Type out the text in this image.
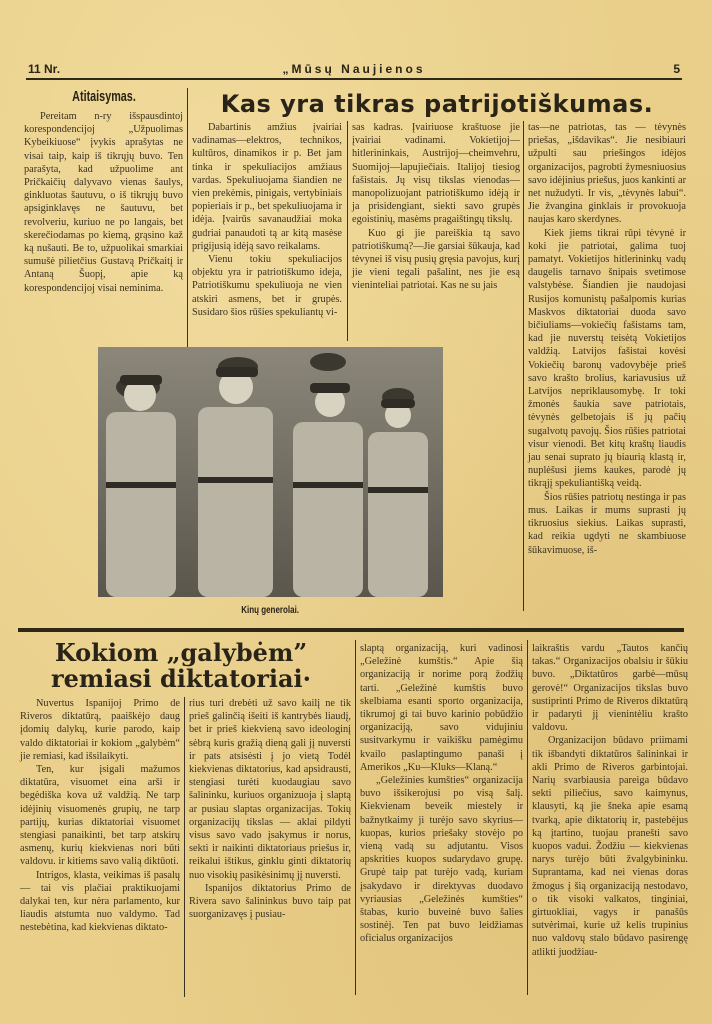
11 Nr.	„Mūsų Naujienos	5
Atitaisymas.

Pereitam n-ry išspausdintoj korespondencijoj „Užpuolimas Kybeikiuose“ įvykis aprašytas ne visai taip, kaip iš tikrųjų buvo. Ten parašyta, kad užpuolime ant Pričkaičių dalyvavo vienas šaulys, ginkluotas šautuvu, o iš tikrųjų buvo apsiginklavęs ne šautuvu, bet revolveriu, kuriuo ne po langais, bet skerečiodamas po kiemą, grąsino kaž ką nušauti. Be to, užpuolikai smarkiai sumušė pilietčius Gustavą Pričkaitį ir Antaną Šuopį, apie ką korespondencijoj visai neminima.

Kas yra tikras patrijotiškumas.

Dabartinis amžius įvairiai vadinamas—elektros, technikos, kultūros, dinamikos ir p. Bet jam tinka ir spekuliacijos amžiaus vardas. Spekuliuojama šiandien ne vien prekėmis, pinigais, vertybiniais popieriais ir p., bet spekuliuojama ir idėja. Įvairūs savanaudžiai moka gudriai panaudoti tą ar kitą masėse prigijusią idėją savo reikalams.

Vienu tokiu spekuliacijos objektu yra ir patriotiškumo ideja, Patriotiškumu spekuliuoja ne vien atskiri asmens, bet ir grupės. Susidaro šios rūšies spekuliantų vi-

sas kadras. Įvairiuose kraštuose jie įvairiai vadinami. Vokietijoj—hitlerininkais, Austrijoj—cheimvehru, Suomijoj—lapujiečiais. Italijoj tiesiog fašistais. Jų visų tikslas vienodas—manopolizuojant patriotiškumo idėją ir ja prisidengiant, siekti savo grupės egoistinių, masėms pragaištingų tikslų.

Kuo gi jie pareiškia tą savo patriotiškumą?—Jie garsiai šūkauja, kad tėvynei iš visų pusių gręsia pavojus, kurį jie vieni tegali pašalint, nes jie esą vieninteliai patriotai. Kas ne su jais

tas—ne patriotas, tas — tėvynės priešas, „išdavikas“. Jie nesibiauri užpulti sau priešingos idėjos organizacijos, pagrobti žymesniuosius savo idėjinius priešus, juos kankinti ar net nužudyti. Ir vis, „tėvynės labui“. Jie žvanginа ginklais ir provokuoja naujas karo skerdynes.

Kiek jiems tikrai rūpi tėvynė ir koki jie patriotai, galima tuoj pamatyt. Vokietijos hitlerininkų vadų daugelis tarnavo šnipais svetimose valstybėse. Šiandien jie naudojasi Rusijos komunistų pašalpomis kurias Maskvos diktatoriai duoda savo bičiuliams—vokiečių fašistams tam, kad jie nuverstų teisėtą Vokietijos valdžią. Latvijos fašistai kovėsi Vokiečių baronų vadovybėje prieš savo krašto brolius, kariavusius už Latvijos nepriklausomybę. Ir toki žmonės šaukia save patriotais, tėvynės gelbetojais iš jų pačių sugalvotų pavojų. Šios rūšies patriotai visur vienodi. Bet kitų kraštų liaudis jau senai suprato jų biaurią klastą ir, nuplėšusi jiems kaukes, parodė jų tikrąjį spekuliantišką veidą.

Šios rūšies patriotų nestinga ir pas mus. Laikas ir mums suprasti jų tikruosius siekius. Laikas suprasti, kad reikia ugdyti ne skambiuose šūkavimuose, iš-

Kinų generolai.
Kokiom „galybėm” remiasi diktatoriai·

Nuvertus Ispanijoj Primo de Riveros diktatūrą, paaiškėjo daug įdomių dalykų, kurie parodo, kaip valdo diktatoriai ir kokiom „galybėm“ jie remiasi, kad išsilaikyti.

Ten, kur įsigali mažumos diktatūra, visuomet eina arši ir begėdiška kova už valdžią. Ne tarp idėjinių visuomenės grupių, ne tarp partijų, kurias diktatoriai visuomet stengiasi panaikinti, bet tarp atskirų asmenų, kurių kiekvienas nori būti valdovu. ir kitiems savo valią diktūoti.

Intrigos, klasta, veikimas iš pasalų — tai vis plačiai praktikuojami dalykai ten, kur nėra parlamento, kur liaudis atstumta nuo valdymo. Tad nestebėtina, kad kiekvienas diktato-

rius turi drebėti už savo kailį ne tik prieš galinčią išeiti iš kantrybės liaudį, bet ir prieš kiekvieną savo ideologinį sėbrą kuris gražią dieną gali jį nuversti ir pats atsisėsti į jo vietą Todėl kiekvienas diktatorius, kad apsidrausti, stengiasi turėti kuodaugiau savo šalininku, kuriuos organizuoja į slaptą ar pusiau slaptas organizacijas. Tokių organizacijų tikslas — aklai pildyti visus savo vado įsakymus ir norus, sekti ir naikinti diktatoriaus priešus ir, reikalui ištikus, ginklu ginti diktatorių nuo visokių pasikėsinimų jį nuversti.

Ispanijos diktatorius Primo de Rivera savo šalininkus buvo taip pat suorganizavęs į pusiau-

slaptą organizaciją, kuri vadinosi „Geležinė kumštis.“ Apie šią organizaciją ir norime porą žodžių tarti. „Geležinė kumštis buvo skelbiama esanti sporto organizacija, tikrumoj gi tai buvo karinio pobūdžio organizaciją, savo vidujiniu susitvarkymu ir vaikišku pamėgimu kvailo paslaptingumo panaši į Amerikos „Ku—Kluks—Klaną.“

„Geležinies kumšties“ organizacija buvo išsikerojusi po visą šalį. Kiekvienam beveik miestely ir bažnytkaimy ji turėjo savo skyrius—kuopas, kurios priešaky stovėjo po vieną vadą su adjutantu. Visos apskrities kuopos sudarydavo grupę. Grupė taip pat turėjo vadą, kuriam įsakydavo ir direktyvas duodavo vyriausias „Geležinės kumšties“ štabas, kurio buveinė buvo šalies sostinėj. Ten pat buvo leidžiamas oficialus organizacijos

laikraštis vardu „Tautos kančių takas.“ Organizacijos obalsiu ir šūkiu buvo. „Diktatūros garbė—mūsų gerovė!“ Organizacijos tikslas buvo sustiprinti Primo de Riveros diktatūrą ir padaryti jį vienintėliu krašto valdovu.

Organizacijon būdavo priimami tik išbandyti diktatūros šalininkai ir akli Primo de Riveros garbintojai. Narių svarbiausia pareiga būdavo sekti piliečius, savo kaimynus, klausyti, ką jie šneka apie esamą tvarką, apie diktatorių ir, pastebėjus ką įtartino, tuojau pranešti savo kuopos vadui. Žodžiu — kiekvienas narys turėjo būti žvalgybininku. Suprantama, kad nei vienas doras žmogus į šią organizaciją nestodavo, o tik visoki valkatos, tinginiai, girtuokliai, vagys ir panašūs sutvėrimai, kurie už kelis trupinius nuo valdovų stalo būdavo pasirengę atlikti juodžiau-
